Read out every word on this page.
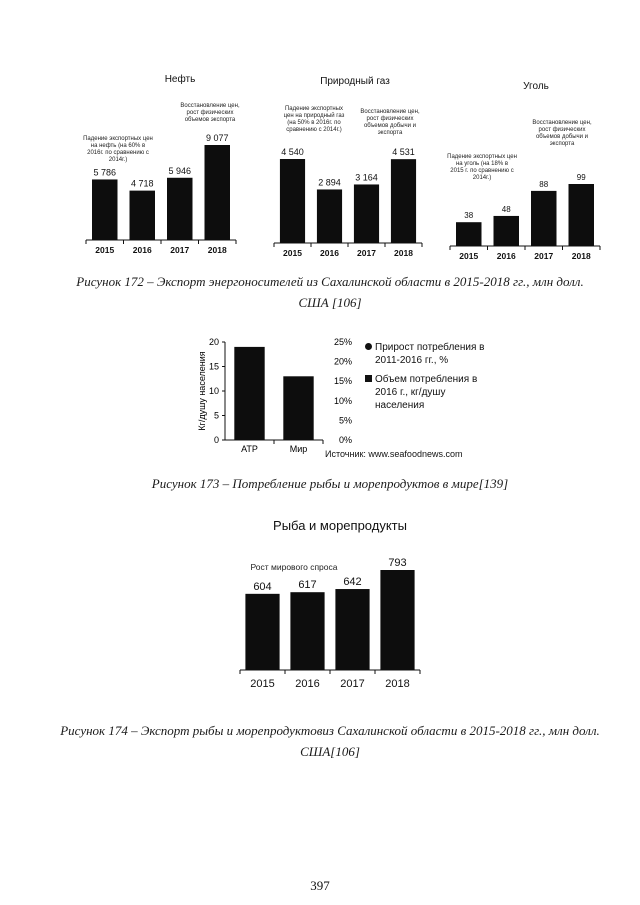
Нефть
5 786
2015
4 718
2016
5 946
2017
9 077
2018
Падение экспортных цен на нефть (на 60% в 2016г. по сравнению с 2014г.)
Восстановление цен, рост физических объемов экспорта
Природный газ
4 540
2015
2 894
2016
3 164
2017
4 531
2018
Падение экспортных цен на природный газ (на 50% в 2016г. по сравнению с 2014г.)
Восстановление цен, рост физических объемов добычи и экспорта
Уголь
38
2015
48
2016
88
2017
99
2018
Падение экспортных цен на уголь (на 18% в 2015 г. по сравнению с 2014г.)
Восстановление цен, рост физических объемов добычи и экспорта
Рисунок 172 – Экспорт энергоносителей из Сахалинской области в 2015-2018 гг., млн долл. США [106]
0
5
10
15
20
0%
5%
10%
15%
20%
25%
Кг/душу населения
АТР	Мир
Прирост потребления в 2011-2016 гг., %
Объем потребления в 2016 г., кг/душу населения
Источник: www.seafoodnews.com
Рисунок 173 – Потребление рыбы и морепродуктов в мире[139]
Рыба и морепродукты
604
2015
617
2016
642
2017
793
2018
Рост мирового спроса
Рисунок 174 – Экспорт рыбы и морепродуктовиз Сахалинской области в 2015-2018 гг., млн долл. США[106]
397
